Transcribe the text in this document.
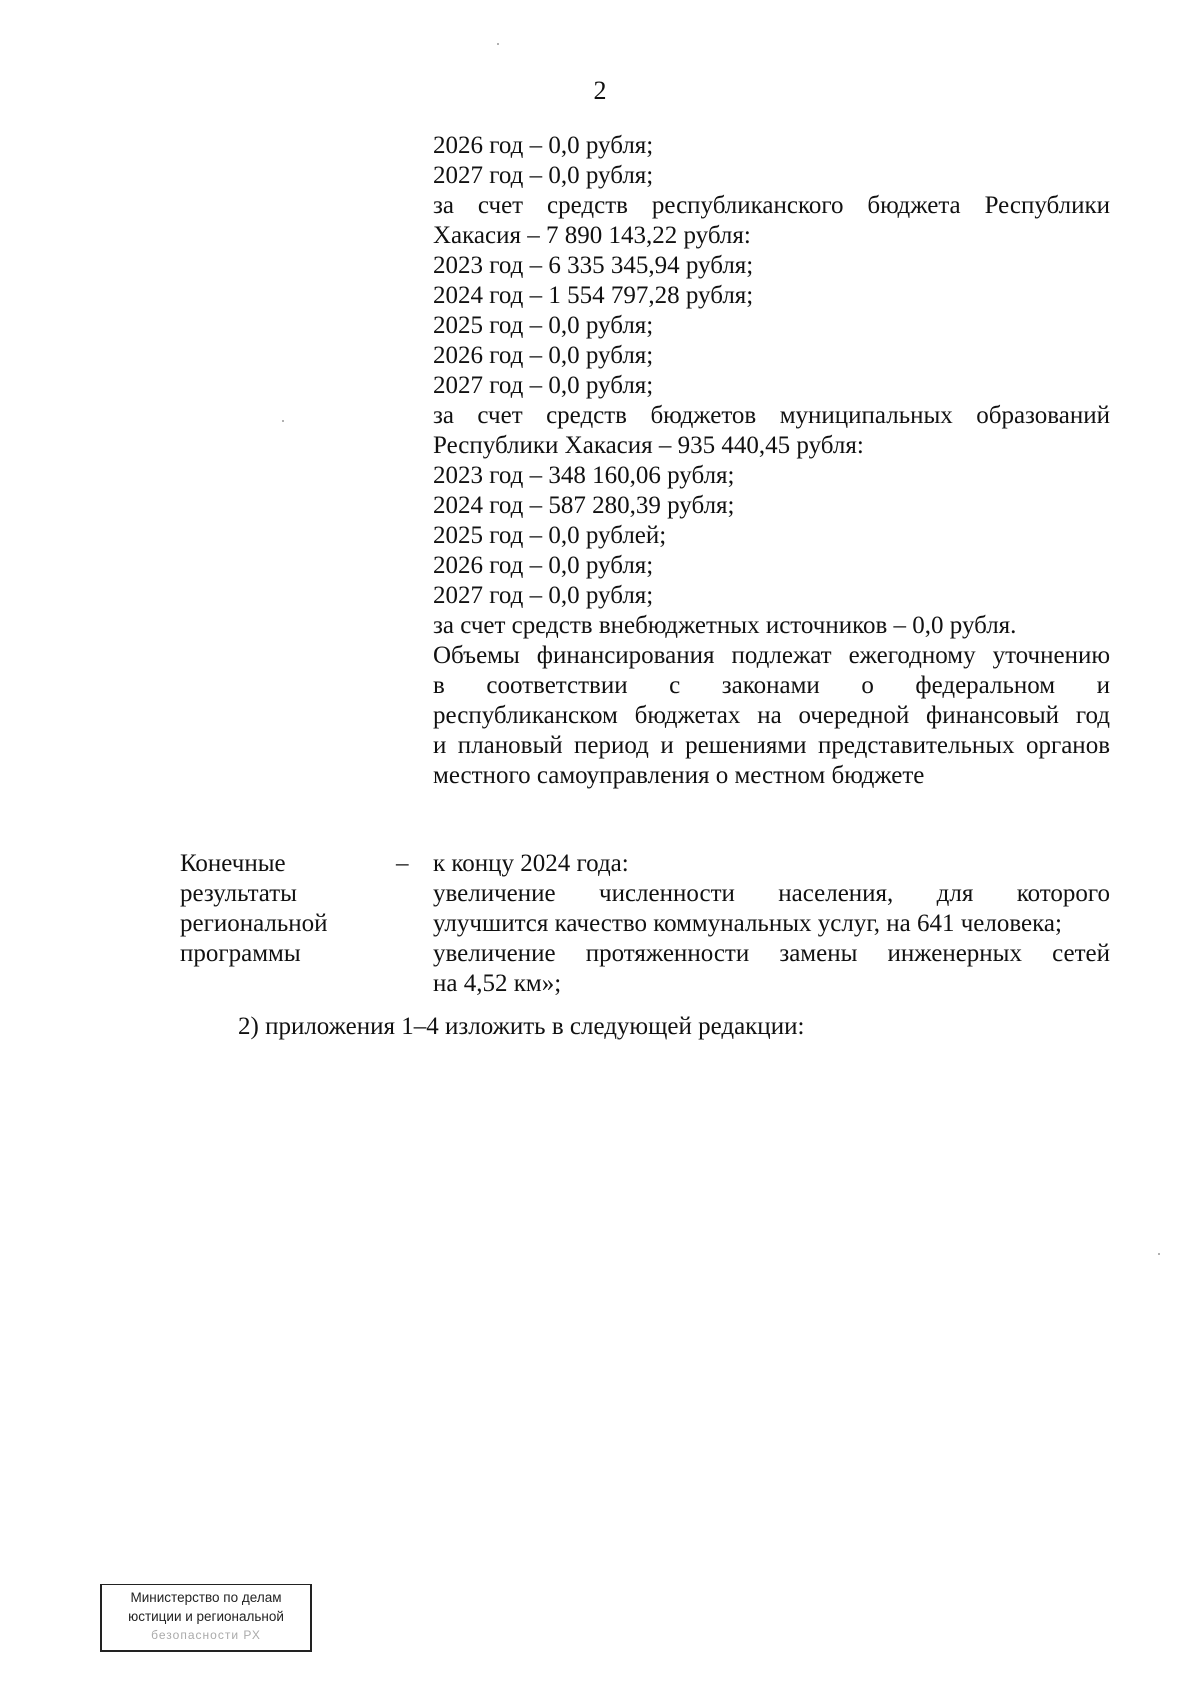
2
2026 год – 0,0 рубля;
2027 год – 0,0 рубля;
за счет средств республиканского бюджета Республики
Хакасия – 7 890 143,22 рубля:
2023 год – 6 335 345,94 рубля;
2024 год – 1 554 797,28 рубля;
2025 год – 0,0 рубля;
2026 год – 0,0 рубля;
2027 год – 0,0 рубля;
за счет средств бюджетов муниципальных образований
Республики Хакасия – 935 440,45 рубля:
2023 год – 348 160,06 рубля;
2024 год – 587 280,39 рубля;
2025 год – 0,0 рублей;
2026 год – 0,0 рубля;
2027 год – 0,0 рубля;
за счет средств внебюджетных источников – 0,0 рубля.
Объемы финансирования подлежат ежегодному уточнению
в соответствии с законами о федеральном и
республиканском бюджетах на очередной финансовый год
и плановый период и решениями представительных органов
местного самоуправления о местном бюджете
Конечные
результаты
региональной
программы
– к концу 2024 года:
увеличение численности населения, для которого
улучшится качество коммунальных услуг, на 641 человека;
увеличение протяженности замены инженерных сетей
на 4,52 км»;
2) приложения 1–4 изложить в следующей редакции:
Министерство по делам
юстиции и региональной
безопасности РХ
